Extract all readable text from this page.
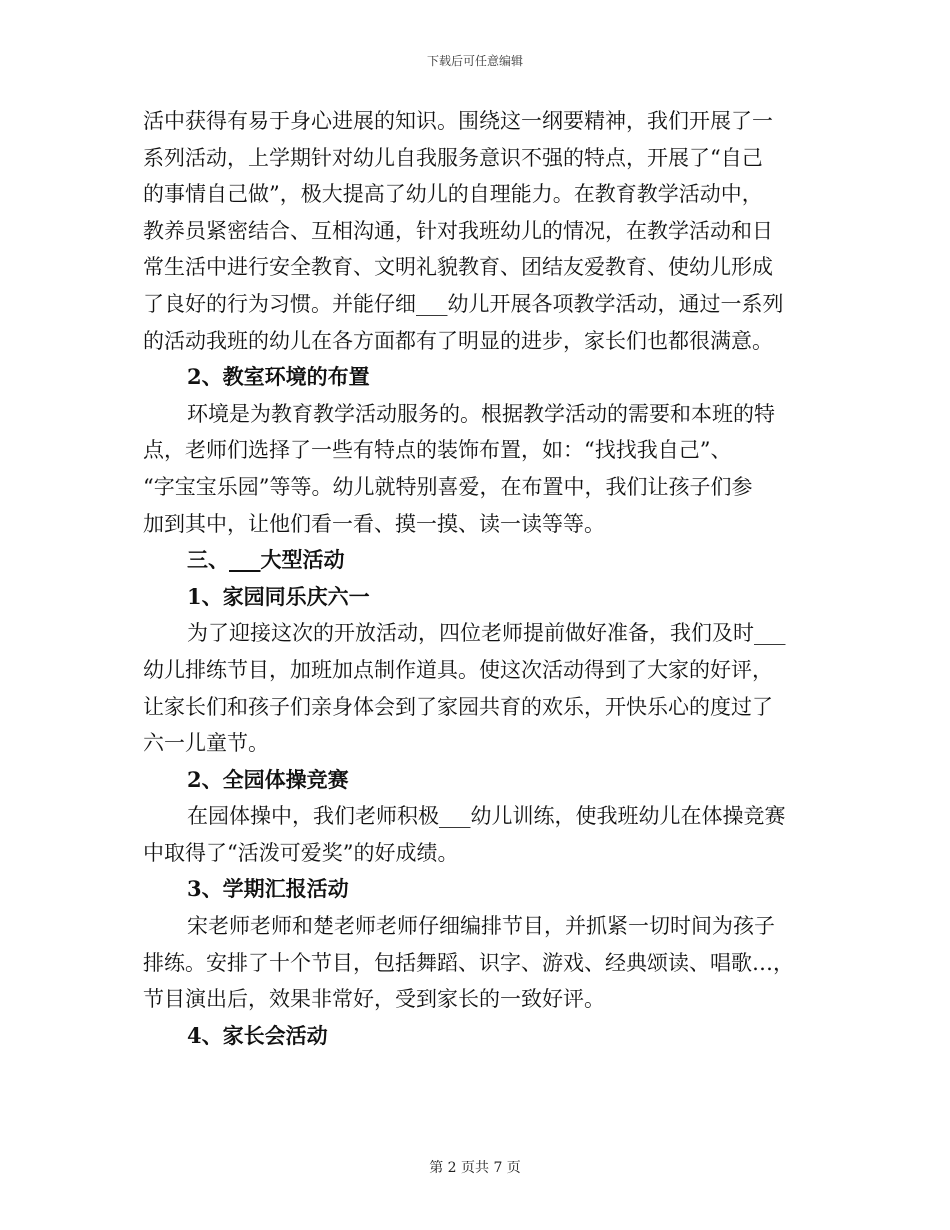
下载后可任意编辑
活中获得有易于身心进展的知识。围绕这一纲要精神，我们开展了一
系列活动，上学期针对幼儿自我服务意识不强的特点，开展了“自己
的事情自己做”，极大提高了幼儿的自理能力。在教育教学活动中，
教养员紧密结合、互相沟通，针对我班幼儿的情况，在教学活动和日
常生活中进行安全教育、文明礼貌教育、团结友爱教育、使幼儿形成
了良好的行为习惯。并能仔细___幼儿开展各项教学活动，通过一系列
的活动我班的幼儿在各方面都有了明显的进步，家长们也都很满意。
2、教室环境的布置
环境是为教育教学活动服务的。根据教学活动的需要和本班的特
点，老师们选择了一些有特点的装饰布置，如：“找找我自己”、
“字宝宝乐园”等等。幼儿就特别喜爱，在布置中，我们让孩子们参
加到其中，让他们看一看、摸一摸、读一读等等。
三、___大型活动
1、家园同乐庆六一
为了迎接这次的开放活动，四位老师提前做好准备，我们及时___
幼儿排练节目，加班加点制作道具。使这次活动得到了大家的好评，
让家长们和孩子们亲身体会到了家园共育的欢乐，开快乐心的度过了
六一儿童节。
2、全园体操竞赛
在园体操中，我们老师积极___幼儿训练，使我班幼儿在体操竞赛
中取得了“活泼可爱奖”的好成绩。
3、学期汇报活动
宋老师老师和楚老师老师仔细编排节目，并抓紧一切时间为孩子
排练。安排了十个节目，包括舞蹈、识字、游戏、经典颂读、唱歌…，
节目演出后，效果非常好，受到家长的一致好评。
4、家长会活动
第 2 页共 7 页
